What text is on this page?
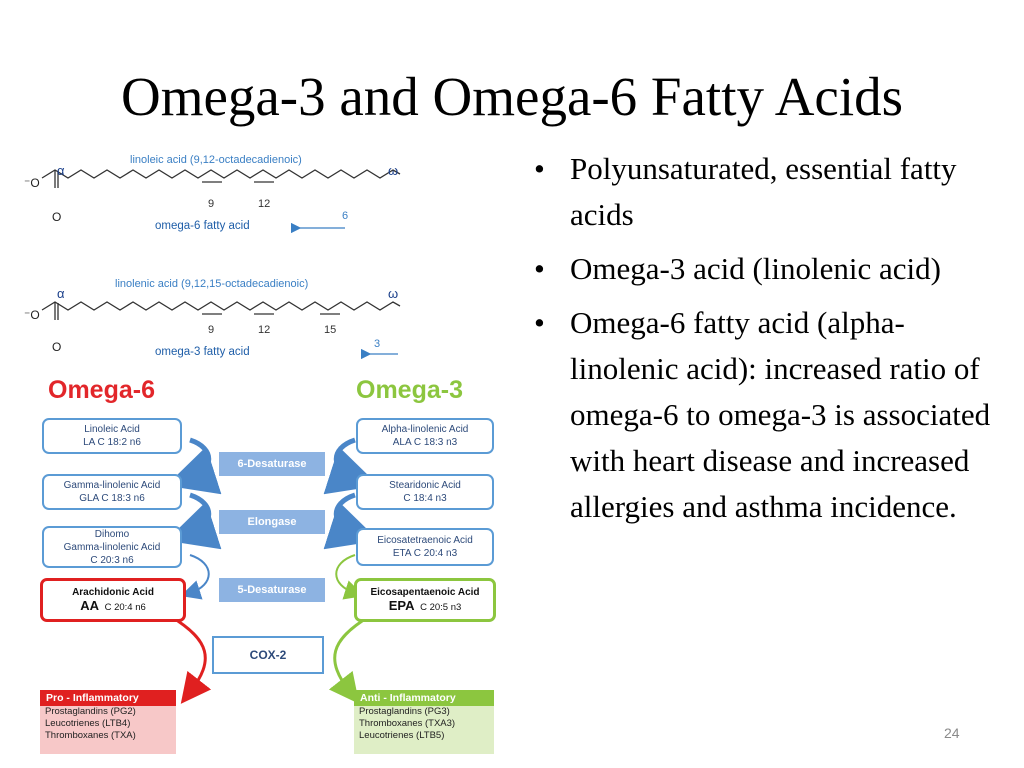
Omega-3 and Omega-6 Fatty Acids
• Polyunsaturated, essential fatty acids
• Omega-3 acid (linolenic acid)
• Omega-6 fatty acid (alpha-linolenic acid): increased ratio of omega-6 to omega-3 is associated with heart disease and increased allergies and asthma incidence.
24
α	ω
linoleic acid (9,12-octadecadienoic)
⁻O
O
9	12
omega-6 fatty acid
6
α	ω
linolenic acid (9,12,15-octadecadienoic)
⁻O
O
9	12	15
omega-3 fatty acid
3
Omega-6	Omega-3
Linoleic Acid
LA C 18:2 n6
Gamma-linolenic Acid
GLA C 18:3 n6
Dihomo
Gamma-linolenic Acid
C 20:3 n6
Arachidonic Acid
AA C 20:4 n6
Alpha-linolenic Acid
ALA C 18:3 n3
Stearidonic Acid
C 18:4 n3
Eicosatetraenoic Acid
ETA C 20:4 n3
Eicosapentaenoic Acid
EPA C 20:5 n3
6-Desaturase
Elongase
5-Desaturase
COX-2
Pro - Inflammatory
Prostaglandins (PG2)
Leucotrienes (LTB4)
Thromboxanes (TXA)
Anti - Inflammatory
Prostaglandins (PG3)
Thromboxanes (TXA3)
Leucotrienes (LTB5)
